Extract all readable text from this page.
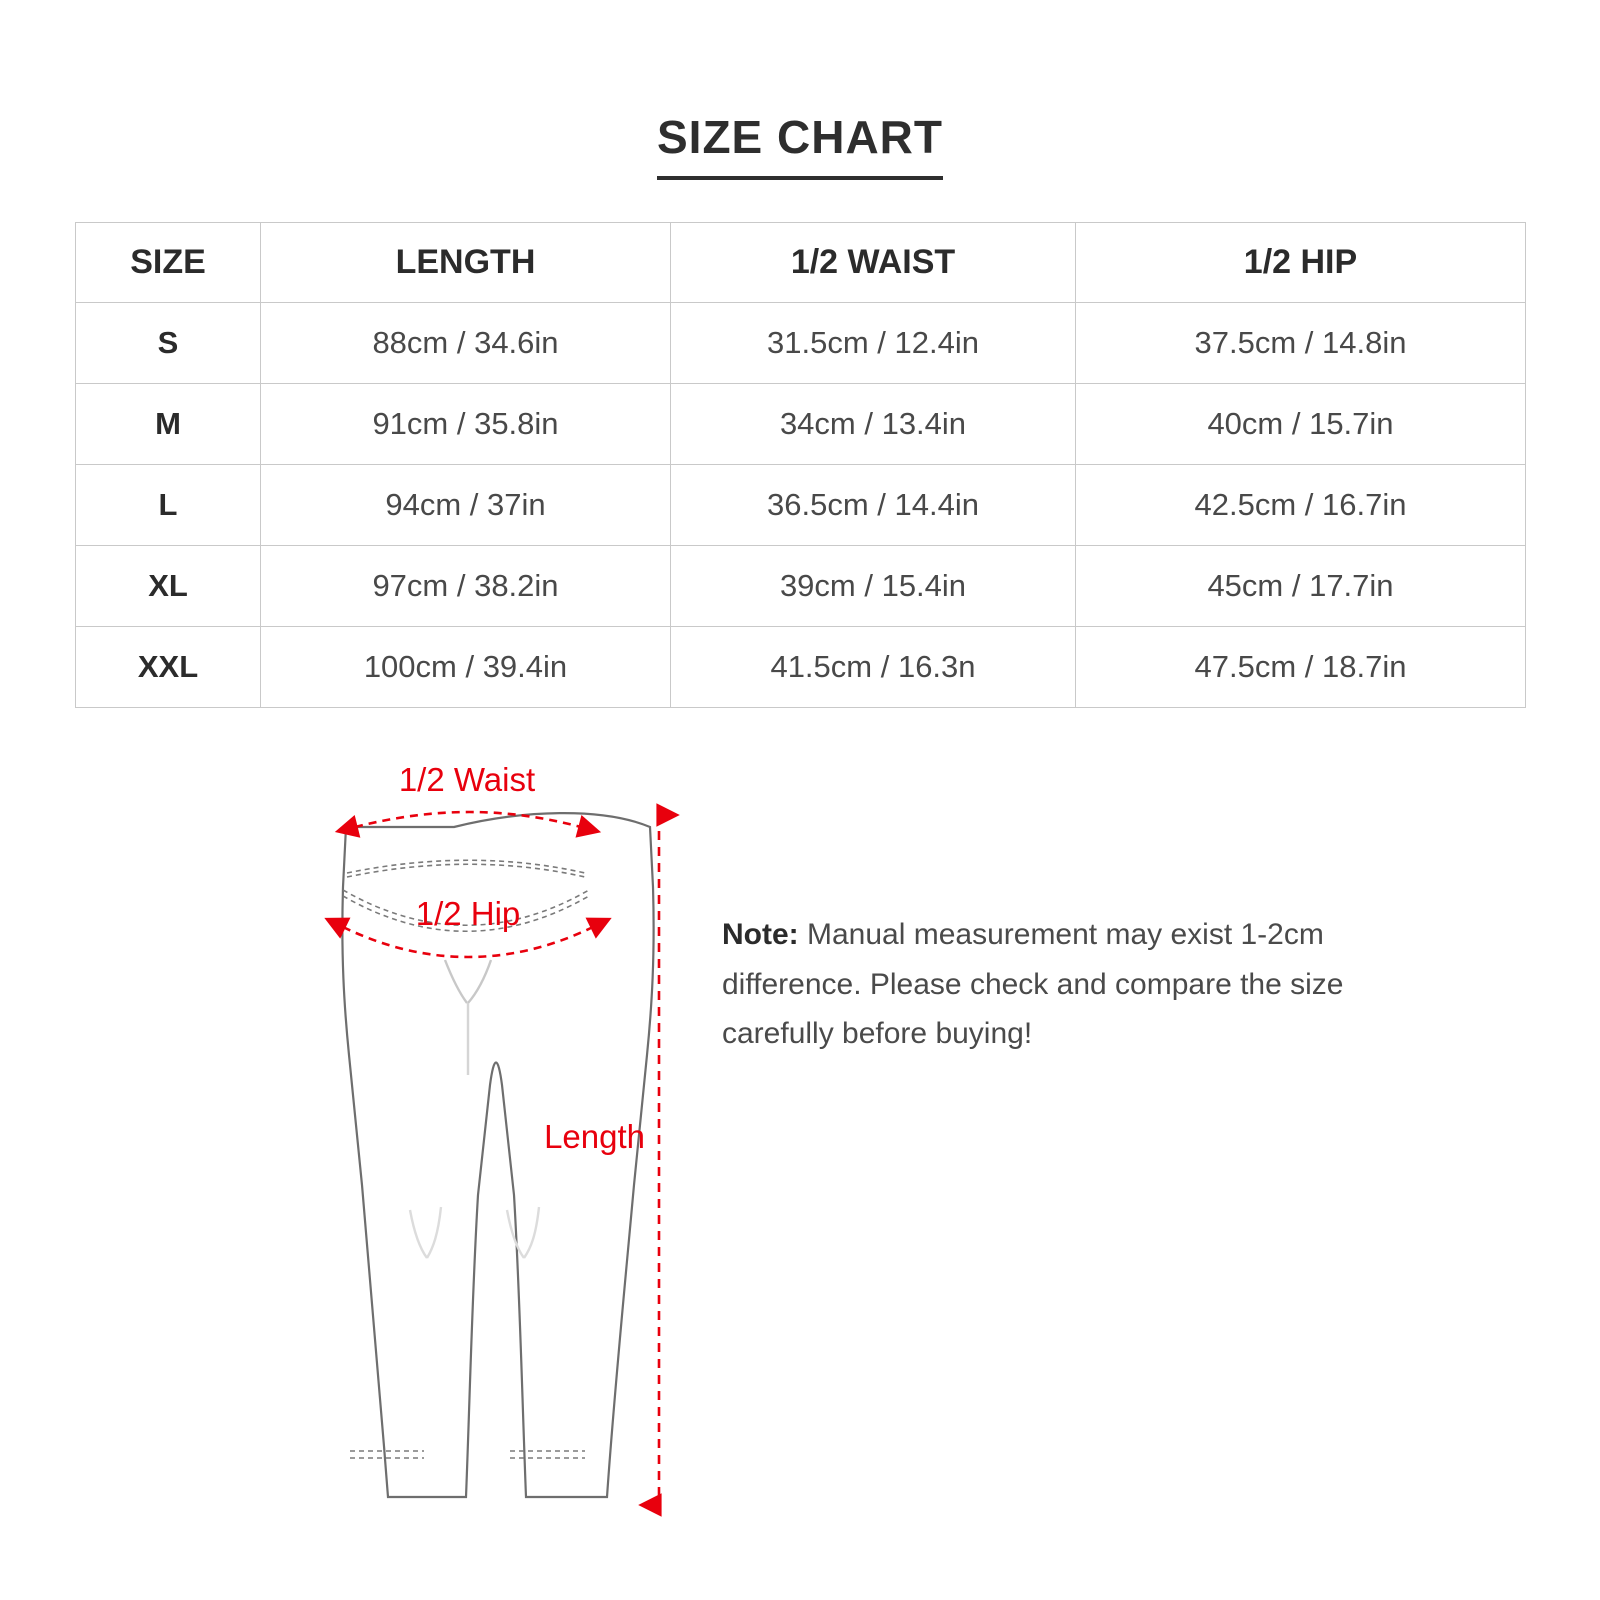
SIZE CHART
SIZE	LENGTH	1/2 WAIST	1/2 HIP
S	88cm / 34.6in	31.5cm / 12.4in	37.5cm / 14.8in
M	91cm / 35.8in	34cm / 13.4in	40cm / 15.7in
L	94cm / 37in	36.5cm / 14.4in	42.5cm / 16.7in
XL	97cm / 38.2in	39cm / 15.4in	45cm / 17.7in
XXL	100cm / 39.4in	41.5cm / 16.3n	47.5cm / 18.7in
1/2 Waist
1/2 Hip
Length
Note: Manual measurement may exist 1-2cm difference. Please check and compare the size carefully before buying!
